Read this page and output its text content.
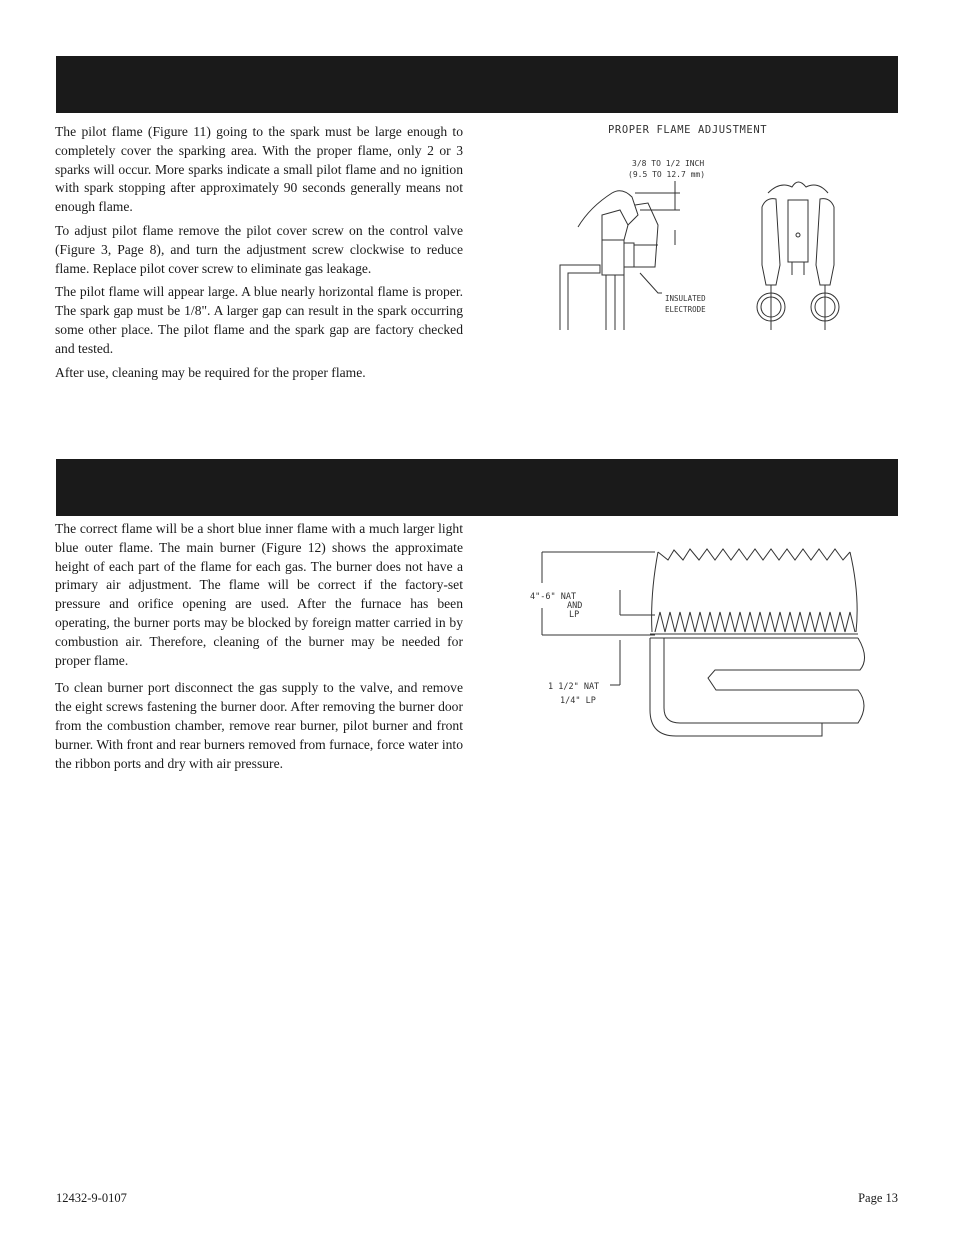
The pilot flame (Figure 11) going to the spark must be large enough to completely cover the sparking area. With the proper flame, only 2 or 3 sparks will occur. More sparks indicate a small pilot flame and no ignition with spark stopping after approximately 90 seconds generally means not enough flame.

To adjust pilot flame remove the pilot cover screw on the control valve (Figure 3, Page 8), and turn the adjustment screw clockwise to reduce flame. Replace pilot cover screw to eliminate gas leakage.

The pilot flame will appear large. A blue nearly horizontal flame is proper. The spark gap must be 1/8". A larger gap can result in the spark occurring some other place. The pilot flame and the spark gap are factory checked and tested.

After use, cleaning may be required for the proper flame.

PROPER FLAME ADJUSTMENT
3/8 TO 1/2 INCH
(9.5 TO 12.7 mm)
INSULATED
ELECTRODE

The correct flame will be a short blue inner flame with a much larger light blue outer flame. The main burner (Figure 12) shows the approximate height of each part of the flame for each gas. The burner does not have a primary air adjustment. The flame will be correct if the factory-set pressure and orifice opening are used. After the furnace has been operating, the burner ports may be blocked by foreign matter carried in by combustion air. Therefore, cleaning of the burner may be needed for proper flame.

To clean burner port disconnect the gas supply to the valve, and remove the eight screws fastening the burner door. After removing the burner door from the combustion chamber, remove rear burner, pilot burner and front burner. With front and rear burners removed from furnace, force water into the ribbon ports and dry with air pressure.

4"-6" NAT
AND
LP
1 1/2" NAT
1/4" LP
12432-9-0107	Page 13
